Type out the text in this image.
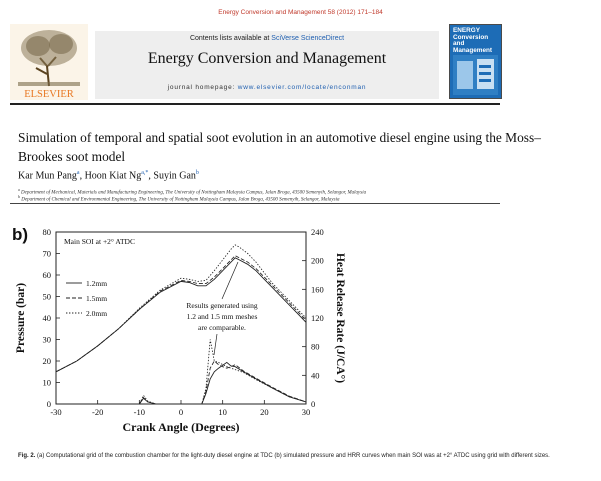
Energy Conversion and Management 58 (2012) 171–184
ELSEVIER
Contents lists available at SciVerse ScienceDirect
Energy Conversion and Management
journal homepage: www.elsevier.com/locate/enconman
ENERGY Conversion and Management
Simulation of temporal and spatial soot evolution in an automotive diesel engine using the Moss–Brookes soot model
Kar Mun Pang$^a$, Hoon Kiat $Ng^{a,*}$, Suyin Gan$^b$
$^a$ Department of Mechanical, Materials and Manufacturing Engineering, The University of Nottingham Malaysia Campus, Jalan Broga, 43500 Semenyih, Selangor, Malaysia
$^b$ Department of Chemical and Environmental Engineering, The University of Nottingham Malaysia Campus, Jalan Broga, 43500 Semenyih, Selangor, Malaysia
b)
-30	-20	-10	0	10	20	30
0
10
20
30
40
50
60
70
80
0
40
80
120
160
200
240
Crank Angle (Degrees)
Pressure (bar)	Heat Release Rate (J/CA°)
Main SOI at +2° ATDC
1.2mm
1.5mm
2.0mm
Results generated using
1.2 and 1.5 mm meshes
are comparable.
Fig. 2. (a) Computational grid of the combustion chamber for the light-duty diesel engine at TDC (b) simulated pressure and HRR curves when main SOI was at +2° ATDC using grid with different sizes.
